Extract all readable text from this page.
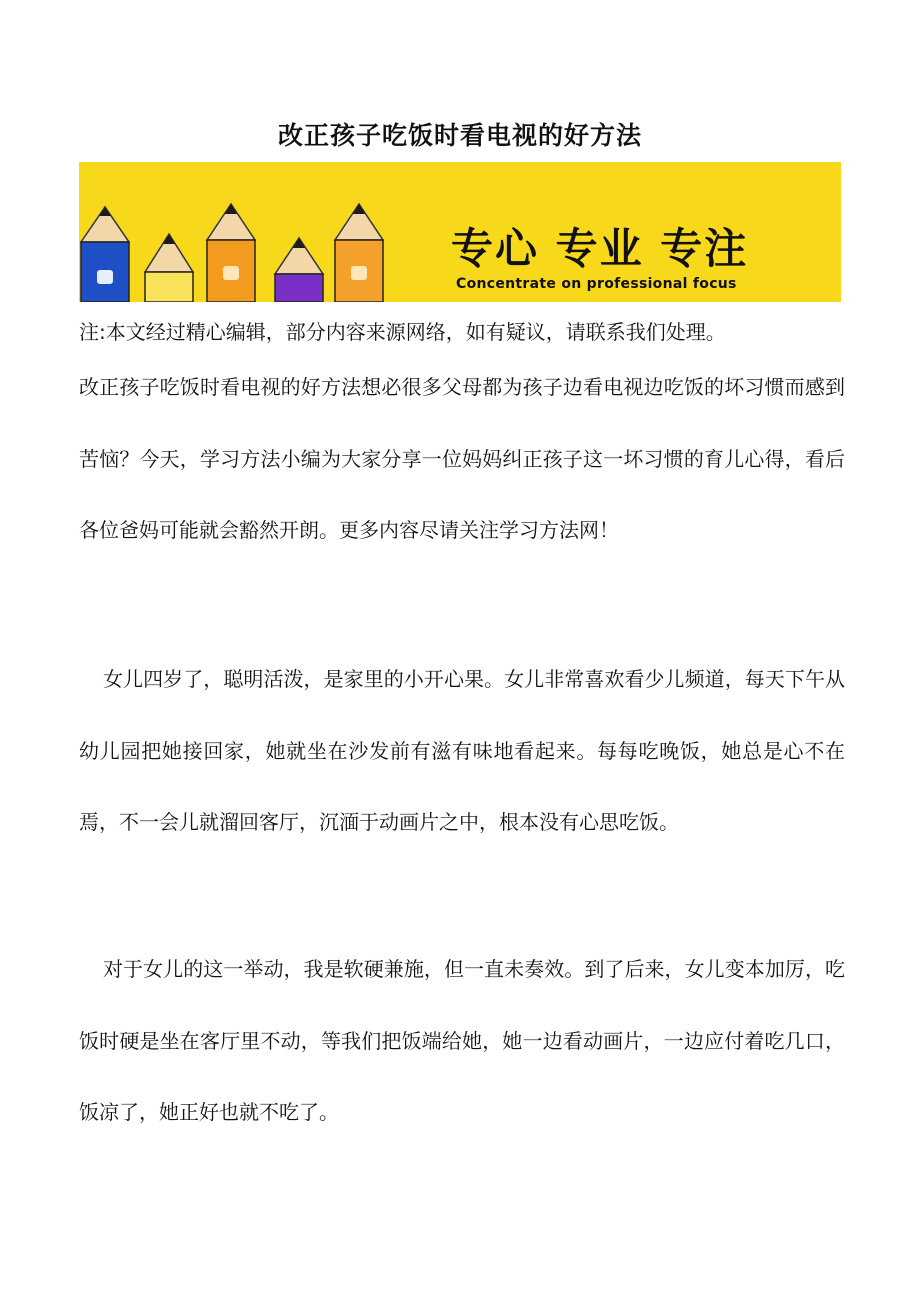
改正孩子吃饭时看电视的好方法
专心 专业 专注
Concentrate on professional focus
注:本文经过精心编辑，部分内容来源网络，如有疑议，请联系我们处理。

改正孩子吃饭时看电视的好方法想必很多父母都为孩子边看电视边吃饭的坏习惯而感到苦恼？今天，学习方法小编为大家分享一位妈妈纠正孩子这一坏习惯的育儿心得，看后各位爸妈可能就会豁然开朗。更多内容尽请关注学习方法网！

女儿四岁了，聪明活泼，是家里的小开心果。女儿非常喜欢看少儿频道，每天下午从幼儿园把她接回家，她就坐在沙发前有滋有味地看起来。每每吃晚饭，她总是心不在焉，不一会儿就溜回客厅，沉湎于动画片之中，根本没有心思吃饭。

对于女儿的这一举动，我是软硬兼施，但一直未奏效。到了后来，女儿变本加厉，吃饭时硬是坐在客厅里不动，等我们把饭端给她，她一边看动画片，一边应付着吃几口，饭凉了，她正好也就不吃了。
